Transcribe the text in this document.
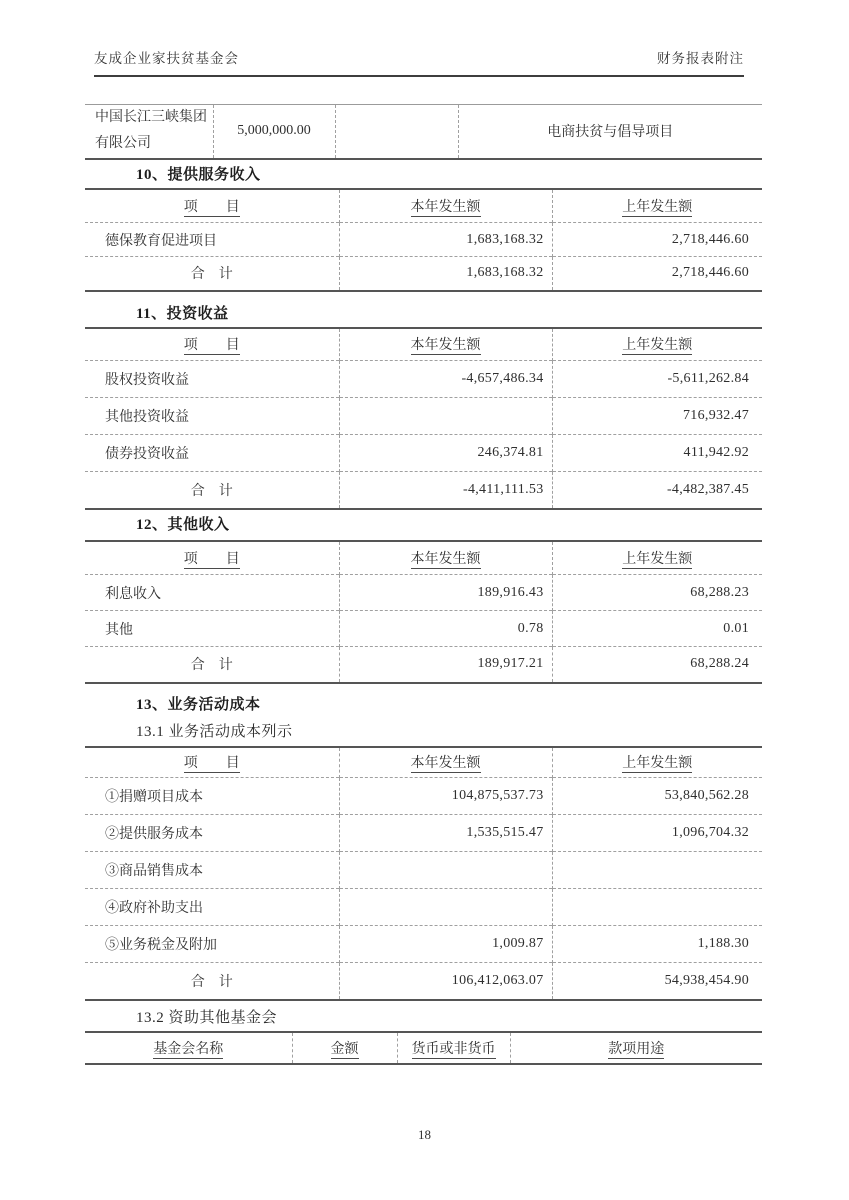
友成企业家扶贫基金会	财务报表附注
中国长江三峡集团有限公司	5,000,000.00		电商扶贫与倡导项目
10、提供服务收入
项　　目	本年发生额	上年发生额
德保教育促进项目	1,683,168.32	2,718,446.60
合　计	1,683,168.32	2,718,446.60
11、投资收益
项　　目	本年发生额	上年发生额
股权投资收益	-4,657,486.34	-5,611,262.84
其他投资收益		716,932.47
债券投资收益	246,374.81	411,942.92
合　计	-4,411,111.53	-4,482,387.45
12、其他收入
项　　目	本年发生额	上年发生额
利息收入	189,916.43	68,288.23
其他	0.78	0.01
合　计	189,917.21	68,288.24
13、业务活动成本
13.1 业务活动成本列示
项　　目	本年发生额	上年发生额
①捐赠项目成本	104,875,537.73	53,840,562.28
②提供服务成本	1,535,515.47	1,096,704.32
③商品销售成本		
④政府补助支出		
⑤业务税金及附加	1,009.87	1,188.30
合　计	106,412,063.07	54,938,454.90
13.2 资助其他基金会
基金会名称	金额	货币或非货币	款项用途
18
